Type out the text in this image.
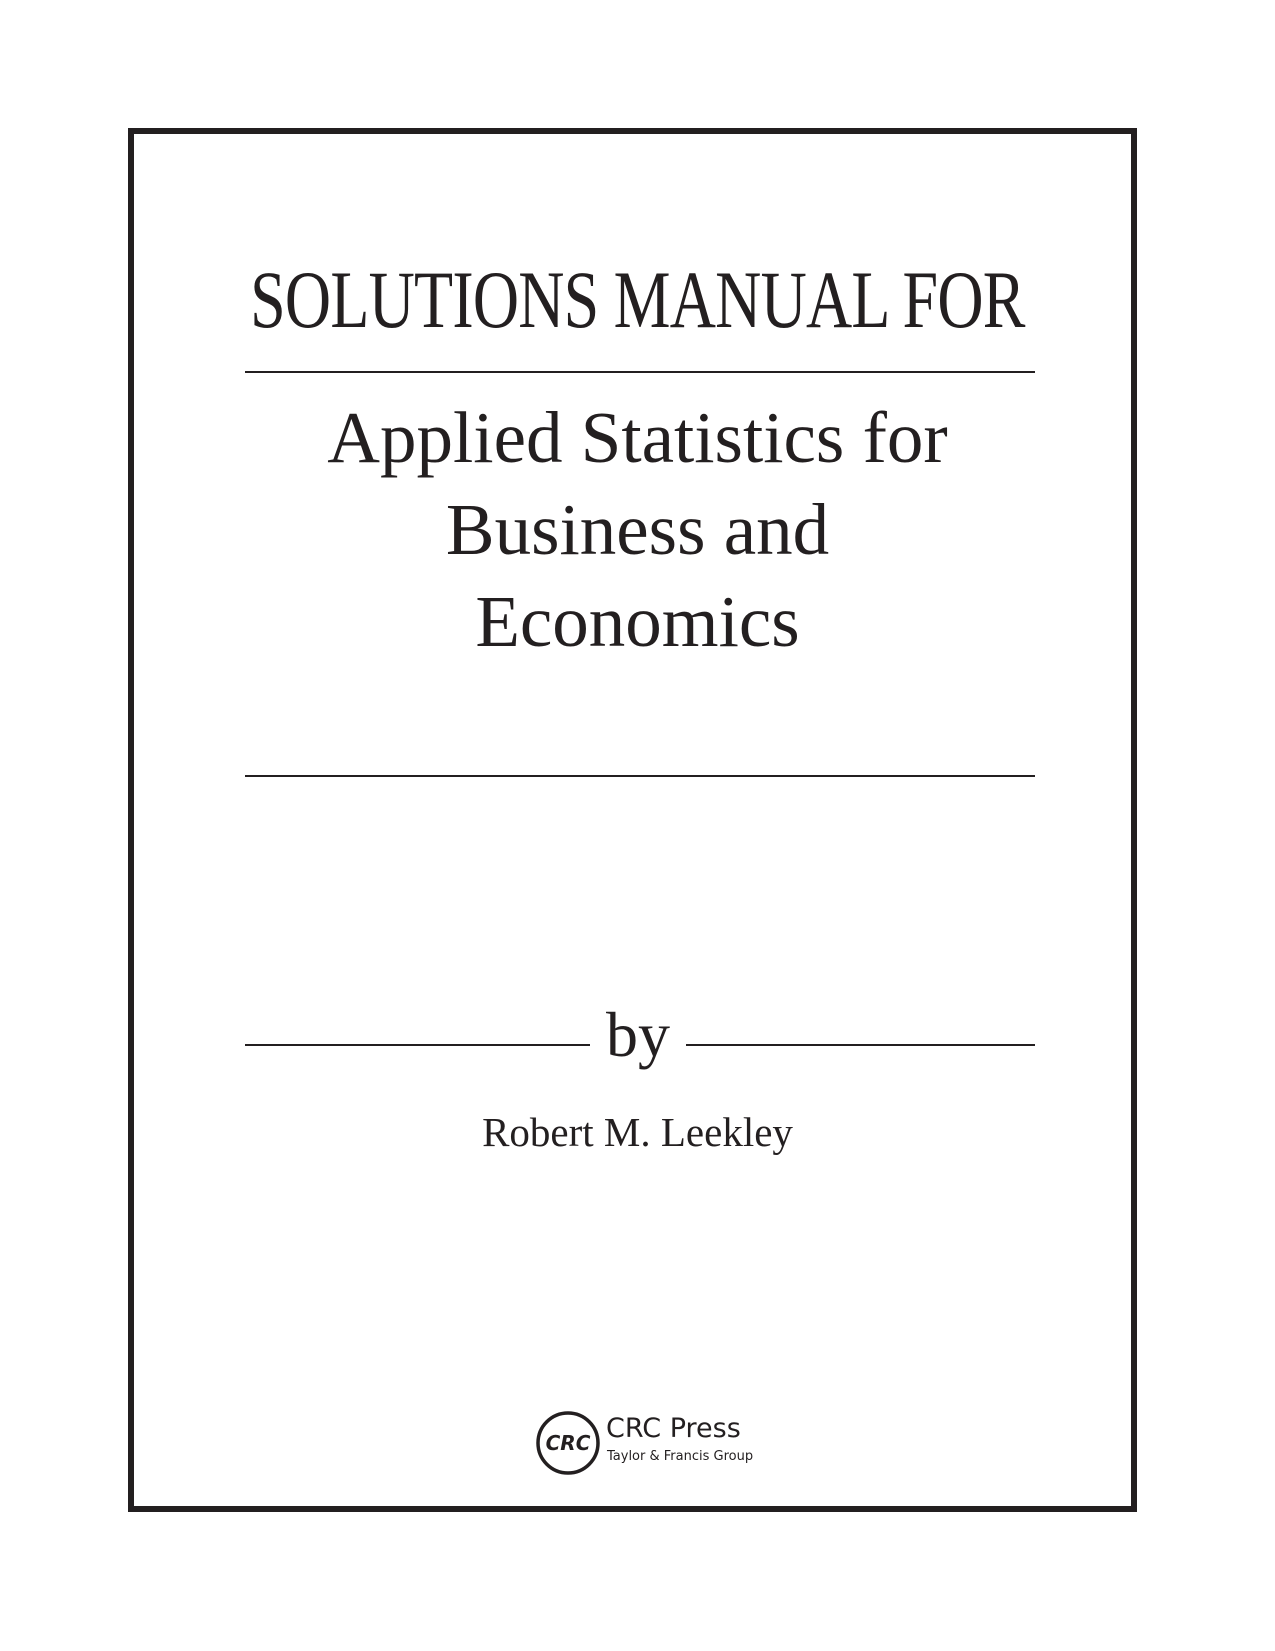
SOLUTIONS MANUAL FOR
Applied Statistics for
Business and
Economics
by
Robert M. Leekley
CRC CRC Press
Taylor & Francis Group
